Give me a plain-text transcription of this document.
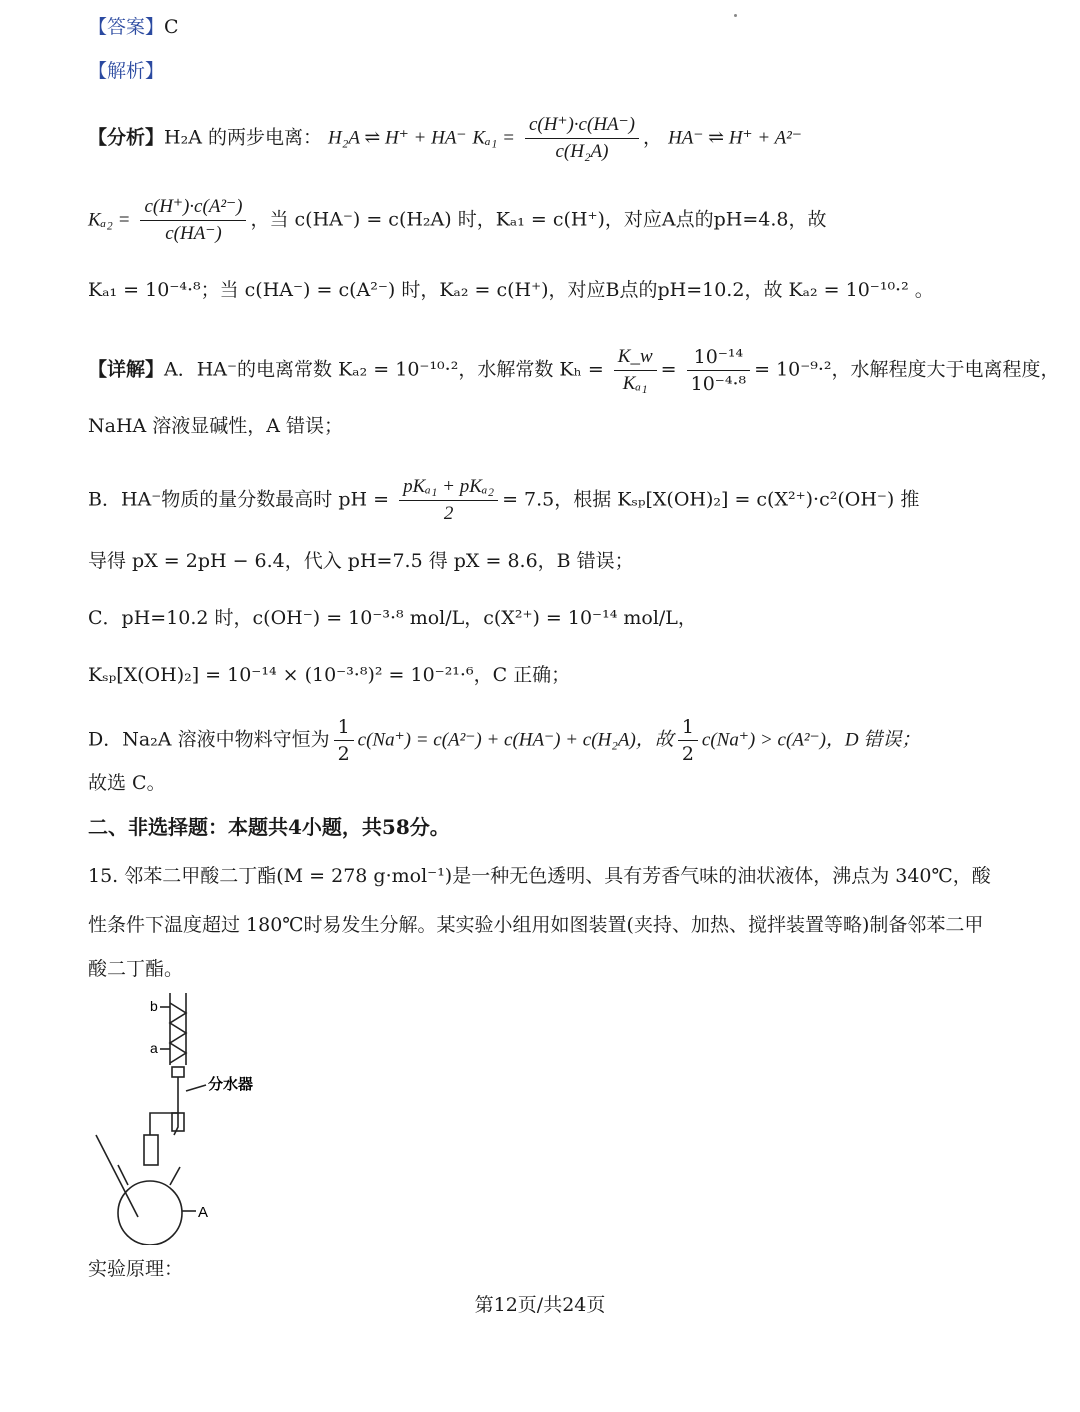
【答案】C
【解析】
【分析】H₂A 的两步电离： H₂A ⇌ H⁺ + HA⁻ $K_{a1} = \frac{c(H^+)\cdot c(HA^-)}{\text{c(H₂A)}}$ ， HA⁻ ⇌ H⁺ + A²⁻
$K_{a2} = \frac{\text{c(H⁺)·c(A²⁻)}}{c(HA^-)}$ ，当 c(HA⁻) = c(H₂A) 时，Kₐ₁ = c(H⁺)，对应A点的pH=4.8，故
Kₐ₁ = 10⁻⁴·⁸；当 c(HA⁻) = c(A²⁻) 时，Kₐ₂ = c(H⁺)，对应B点的pH=10.2，故 Kₐ₂ = 10⁻¹⁰·² 。
【详解】A．HA⁻的电离常数 Kₐ₂ = 10⁻¹⁰·²，水解常数 $K_h = \frac{K\_w}{\text{Kₐ₁}} = \frac{\text{10⁻¹⁴}}{\text{10⁻⁴·⁸}} = 10^{-9}\cdot^2$，水解程度大于电离程度，
NaHA 溶液显碱性，A 错误；
B．HA⁻物质的量分数最高时 pH = $\frac{\text{pKₐ₁ + pKₐ₂}}{2} = 7.5$，根据 Kₛₚ[X(OH)₂] = c(X²⁺)·c²(OH⁻) 推
导得 pX = 2pH − 6.4，代入 pH=7.5 得 pX = 8.6，B 错误；
C．pH=10.2 时，c(OH⁻) = 10⁻³·⁸ mol/L，c(X²⁺) = 10⁻¹⁴ mol/L，
Kₛₚ[X(OH)₂] = 10⁻¹⁴ × (10⁻³·⁸)² = 10⁻²¹·⁶，C 正确；
D．Na₂A 溶液中物料守恒为 $\frac{1}{2} c(Na^+) = c(A^{2-}) + c(HA^-) + c(H_2A)$，故 $\frac{1}{2} c(Na^+) > c(A^{2-})$，D 错误；
故选 C。
二、非选择题：本题共4小题，共58分。
15. 邻苯二甲酸二丁酯(M = 278 g·mol⁻¹)是一种无色透明、具有芳香气味的油状液体，沸点为 340℃，酸
性条件下温度超过 180℃时易发生分解。某实验小组用如图装置(夹持、加热、搅拌装置等略)制备邻苯二甲
酸二丁酯。
b
a
分水器
A
实验原理：
第12页/共24页
